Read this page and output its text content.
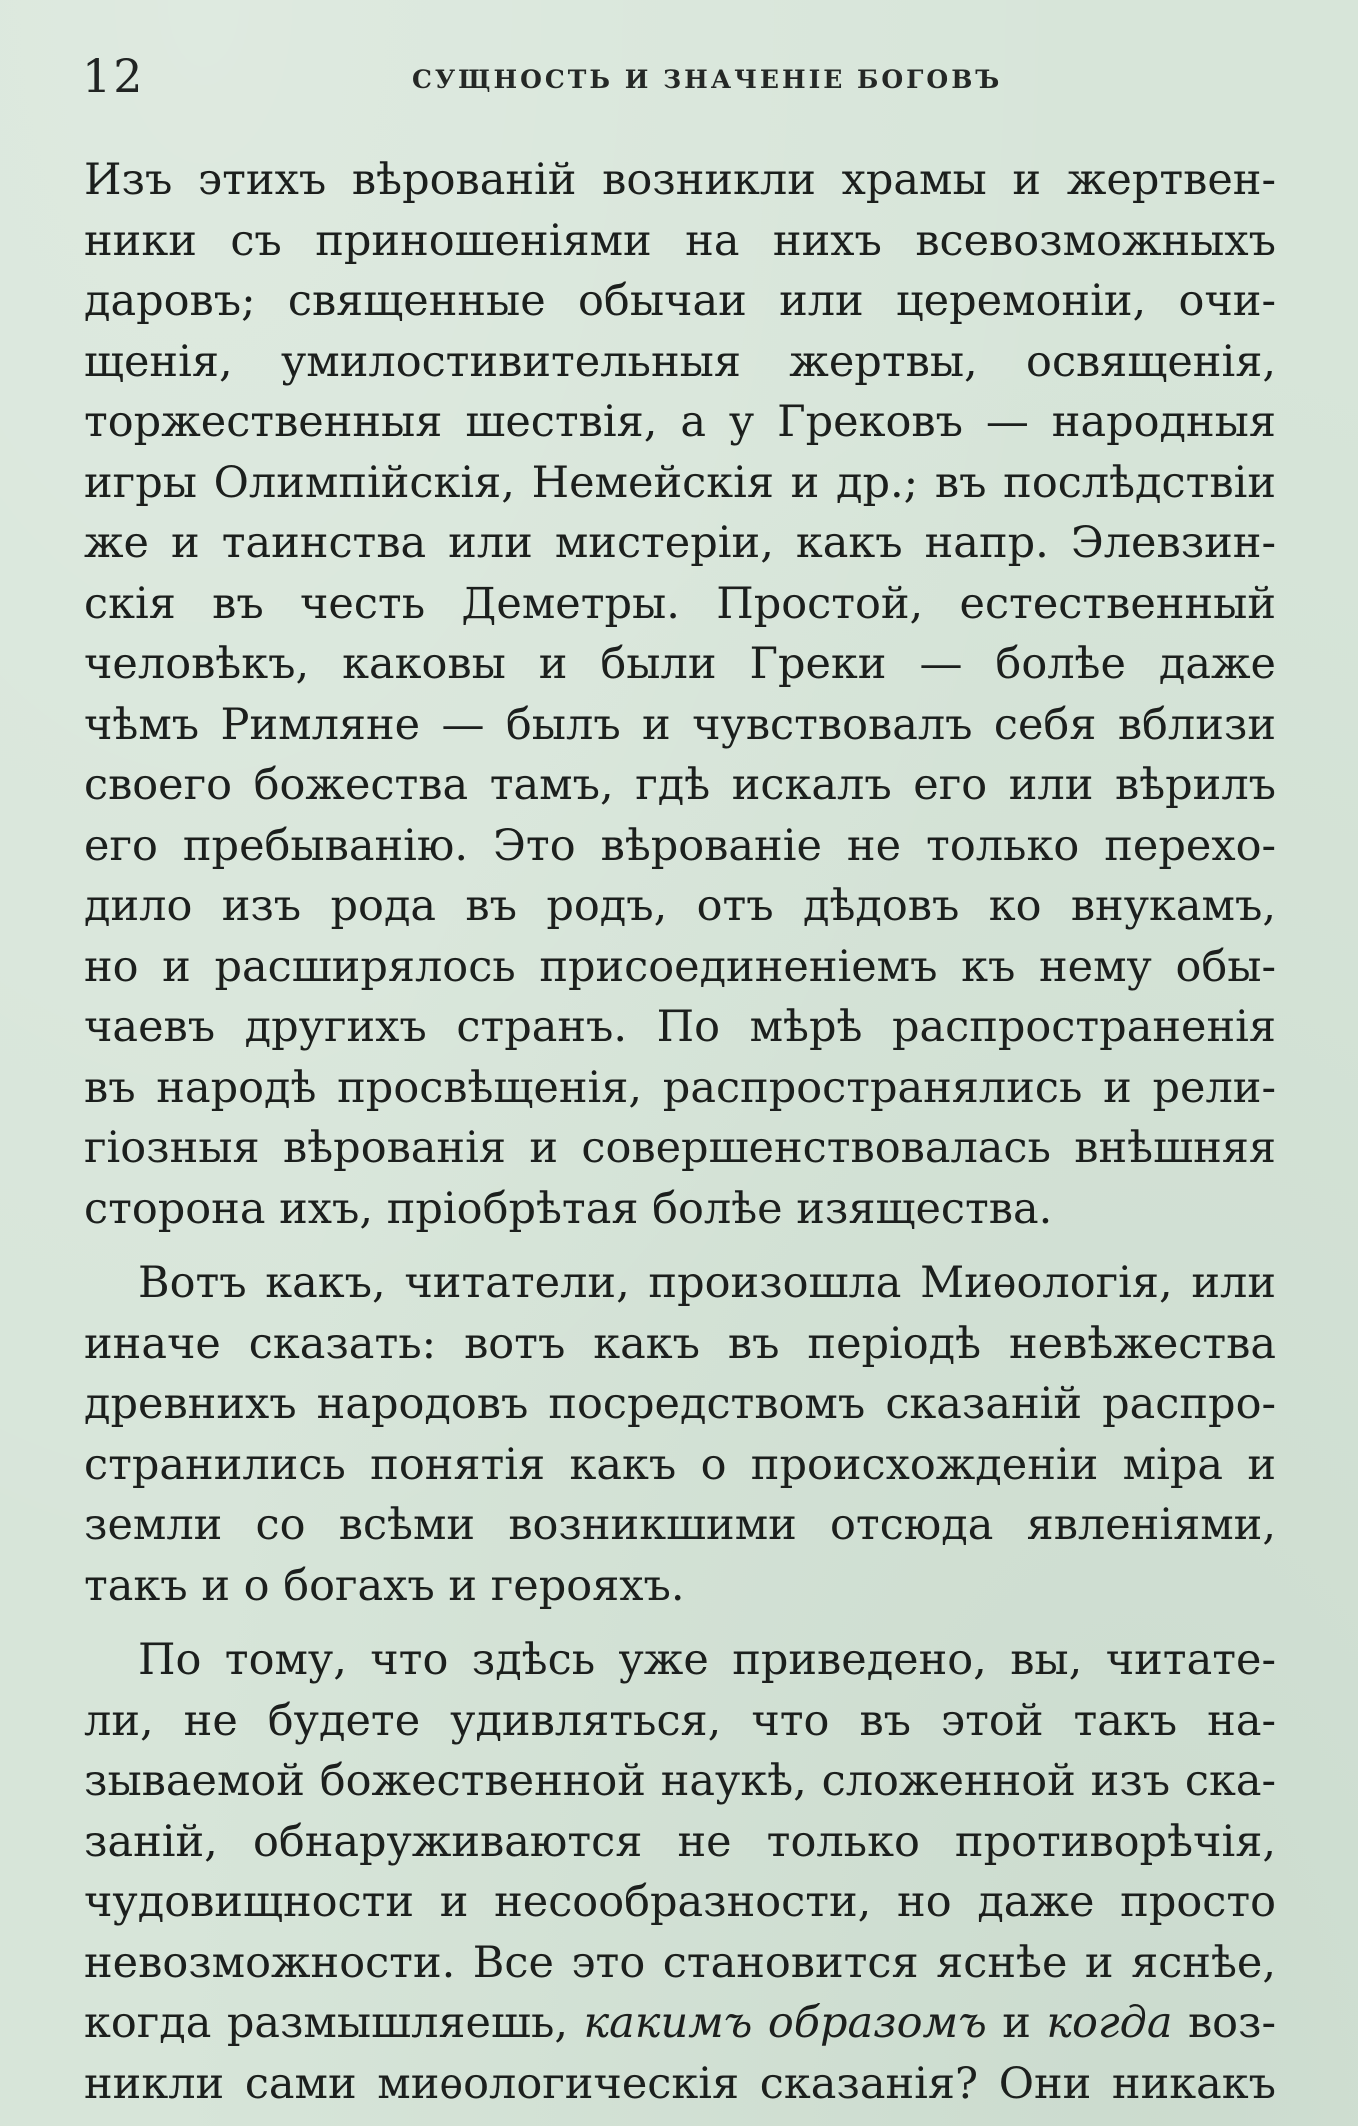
12	СУЩНОСТЬ И ЗНАЧЕНІЕ БОГОВЪ
Изъ этихъ вѣрованій возникли храмы и жертвен-
ники съ приношеніями на нихъ всевозможныхъ
даровъ; священные обычаи или церемоніи, очи-
щенія, умилостивительныя жертвы, освященія,
торжественныя шествія, а у Грековъ — народныя
игры Олимпійскія, Немейскія и др.; въ послѣдствіи
же и таинства или мистеріи, какъ напр. Элевзин-
скія въ честь Деметры. Простой, естественный
человѣкъ, каковы и были Греки — болѣе даже
чѣмъ Римляне — былъ и чувствовалъ себя вблизи
своего божества тамъ, гдѣ искалъ его или вѣрилъ
его пребыванію. Это вѣрованіе не только перехо-
дило изъ рода въ родъ, отъ дѣдовъ ко внукамъ,
но и расширялось присоединеніемъ къ нему обы-
чаевъ другихъ странъ. По мѣрѣ распространенія
въ народѣ просвѣщенія, распространялись и рели-
гіозныя вѣрованія и совершенствовалась внѣшняя
сторона ихъ, пріобрѣтая болѣе изящества.
Вотъ какъ, читатели, произошла Миѳологія, или
иначе сказать: вотъ какъ въ періодѣ невѣжества
древнихъ народовъ посредствомъ сказаній распро-
странились понятія какъ о происхожденіи міра и
земли со всѣми возникшими отсюда явленіями,
такъ и о богахъ и герояхъ.
По тому, что здѣсь уже приведено, вы, читате-
ли, не будете удивляться, что въ этой такъ на-
зываемой божественной наукѣ, сложенной изъ ска-
заній, обнаруживаются не только противорѣчія,
чудовищности и несообразности, но даже просто
невозможности. Все это становится яснѣе и яснѣе,
когда размышляешь, какимъ образомъ и когда воз-
никли сами миѳологическія сказанія? Они никакъ
